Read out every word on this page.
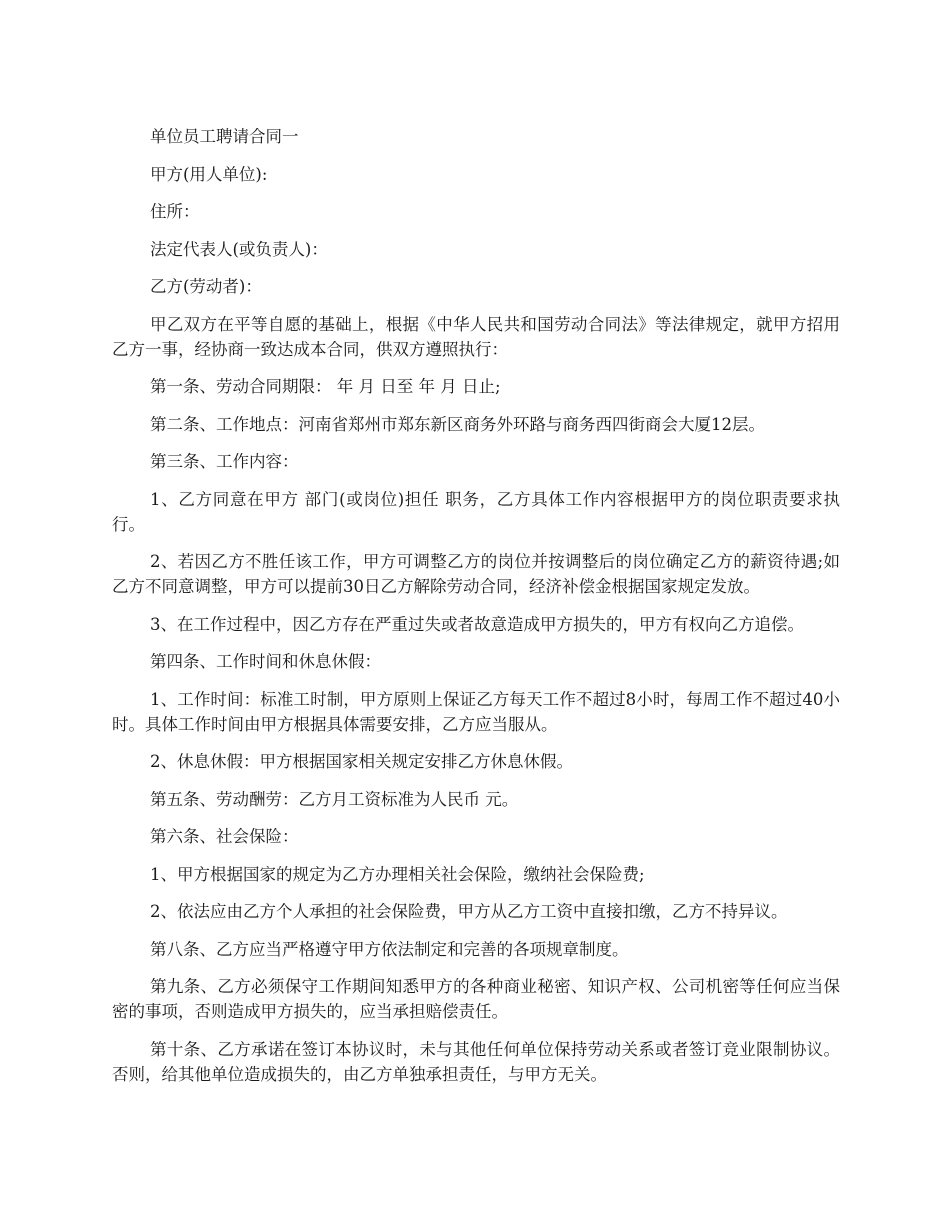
单位员工聘请合同一

甲方(用人单位):

住所：

法定代表人(或负责人)：

乙方(劳动者)：

甲乙双方在平等自愿的基础上，根据《中华人民共和国劳动合同法》等法律规定，就甲方招用乙方一事，经协商一致达成本合同，供双方遵照执行：

第一条、劳动合同期限： 年 月 日至 年 月 日止;

第二条、工作地点：河南省郑州市郑东新区商务外环路与商务西四街商会大厦12层。

第三条、工作内容：

1、乙方同意在甲方 部门(或岗位)担任 职务，乙方具体工作内容根据甲方的岗位职责要求执行。

2、若因乙方不胜任该工作，甲方可调整乙方的岗位并按调整后的岗位确定乙方的薪资待遇;如乙方不同意调整，甲方可以提前30日乙方解除劳动合同，经济补偿金根据国家规定发放。

3、在工作过程中，因乙方存在严重过失或者故意造成甲方损失的，甲方有权向乙方追偿。

第四条、工作时间和休息休假：

1、工作时间：标准工时制，甲方原则上保证乙方每天工作不超过8小时，每周工作不超过40小时。具体工作时间由甲方根据具体需要安排，乙方应当服从。

2、休息休假：甲方根据国家相关规定安排乙方休息休假。

第五条、劳动酬劳：乙方月工资标准为人民币 元。

第六条、社会保险：

1、甲方根据国家的规定为乙方办理相关社会保险，缴纳社会保险费;

2、依法应由乙方个人承担的社会保险费，甲方从乙方工资中直接扣缴，乙方不持异议。

第八条、乙方应当严格遵守甲方依法制定和完善的各项规章制度。

第九条、乙方必须保守工作期间知悉甲方的各种商业秘密、知识产权、公司机密等任何应当保密的事项，否则造成甲方损失的，应当承担赔偿责任。

第十条、乙方承诺在签订本协议时，未与其他任何单位保持劳动关系或者签订竞业限制协议。否则，给其他单位造成损失的，由乙方单独承担责任，与甲方无关。
